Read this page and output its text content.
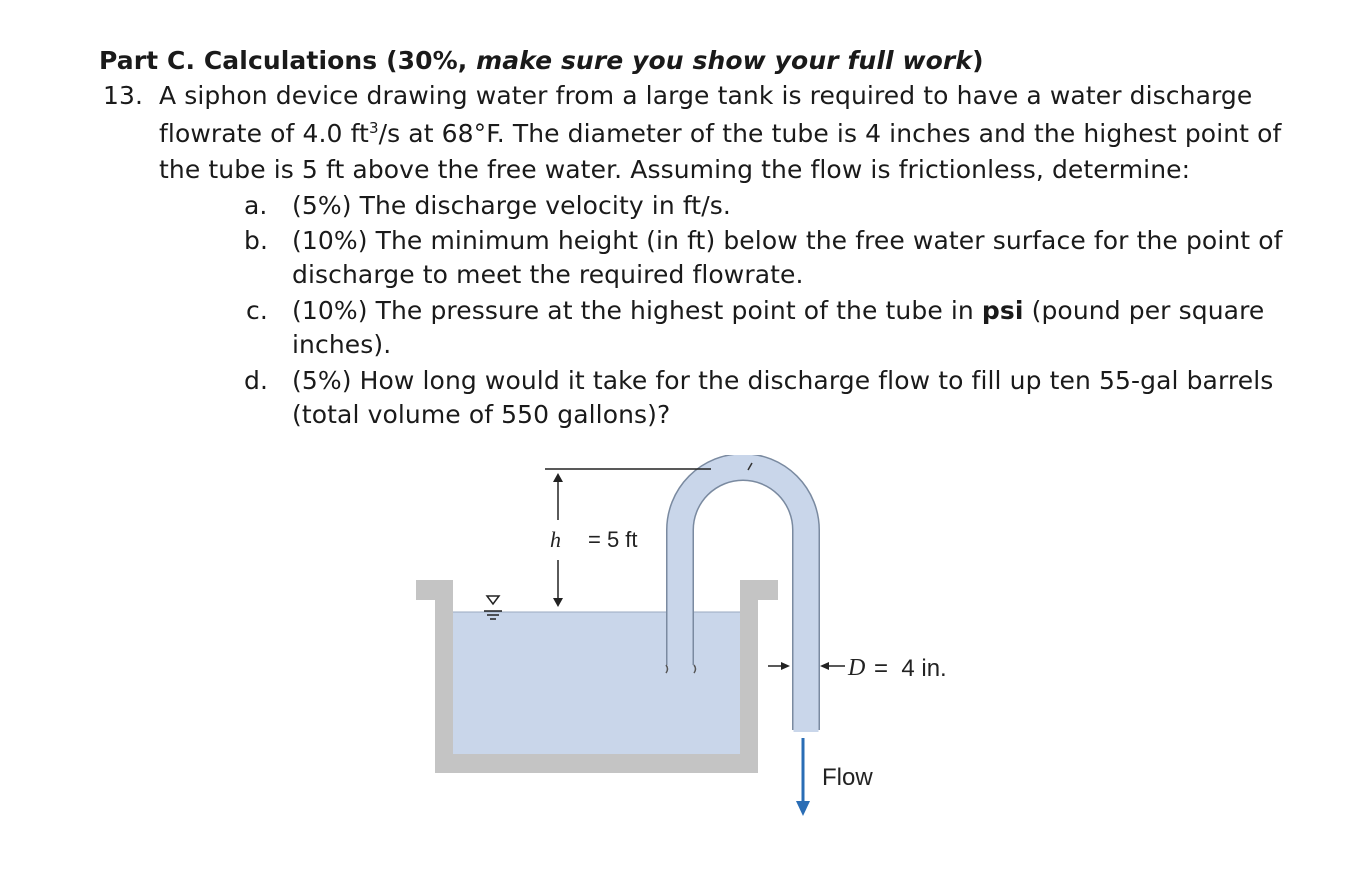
Part C. Calculations (30%, make sure you show your full work)
13. A siphon device drawing water from a large tank is required to have a water discharge
flowrate of 4.0 $ft^3/s$ at 68°F. The diameter of the tube is 4 inches and the highest point of
the tube is 5 ft above the free water. Assuming the flow is frictionless, determine:
a. (5%) The discharge velocity in ft/s.
b. (10%) The minimum height (in ft) below the free water surface for the point of
discharge to meet the required flowrate.
c. (10%) The pressure at the highest point of the tube in psi (pound per square
inches).
d. (5%) How long would it take for the discharge flow to fill up ten 55-gal barrels
(total volume of 550 gallons)?
h = 5 ft
D =  4 in.
Flow
